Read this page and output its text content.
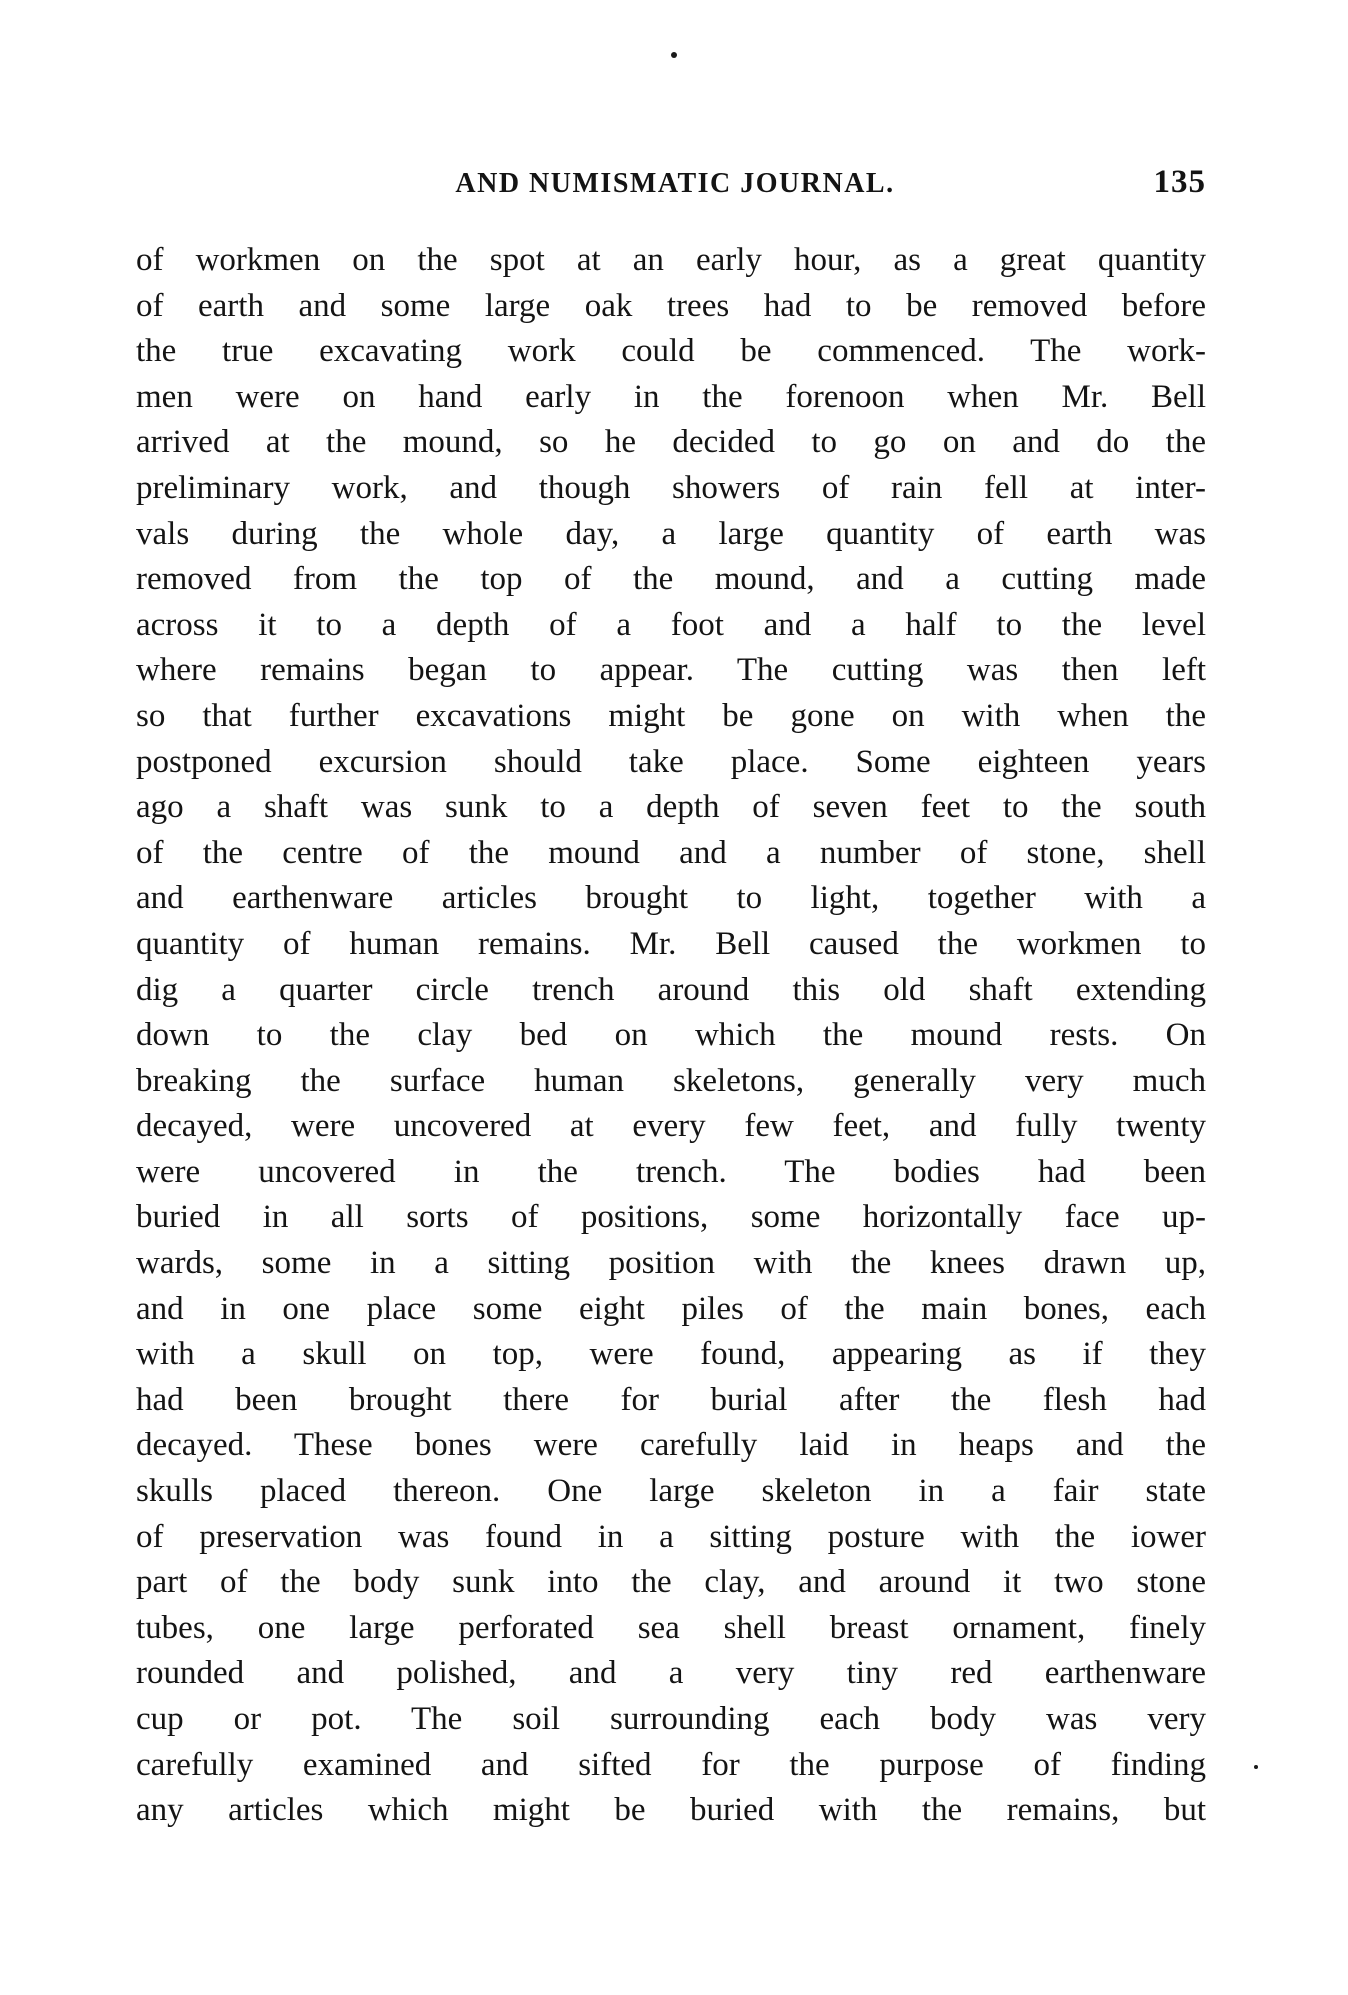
AND NUMISMATIC JOURNAL.	135
of workmen on the spot at an early hour, as a great quantity
of earth and some large oak trees had to be removed before
the true excavating work could be commenced. The work-
men were on hand early in the forenoon when Mr. Bell
arrived at the mound, so he decided to go on and do the
preliminary work, and though showers of rain fell at inter-
vals during the whole day, a large quantity of earth was
removed from the top of the mound, and a cutting made
across it to a depth of a foot and a half to the level
where remains began to appear. The cutting was then left
so that further excavations might be gone on with when the
postponed excursion should take place. Some eighteen years
ago a shaft was sunk to a depth of seven feet to the south
of the centre of the mound and a number of stone, shell
and earthenware articles brought to light, together with a
quantity of human remains. Mr. Bell caused the workmen to
dig a quarter circle trench around this old shaft extending
down to the clay bed on which the mound rests. On
breaking the surface human skeletons, generally very much
decayed, were uncovered at every few feet, and fully twenty
were uncovered in the trench. The bodies had been
buried in all sorts of positions, some horizontally face up-
wards, some in a sitting position with the knees drawn up,
and in one place some eight piles of the main bones, each
with a skull on top, were found, appearing as if they
had been brought there for burial after the flesh had
decayed. These bones were carefully laid in heaps and the
skulls placed thereon. One large skeleton in a fair state
of preservation was found in a sitting posture with the iower
part of the body sunk into the clay, and around it two stone
tubes, one large perforated sea shell breast ornament, finely
rounded and polished, and a very tiny red earthenware
cup or pot. The soil surrounding each body was very
carefully examined and sifted for the purpose of finding
any articles which might be buried with the remains, but
